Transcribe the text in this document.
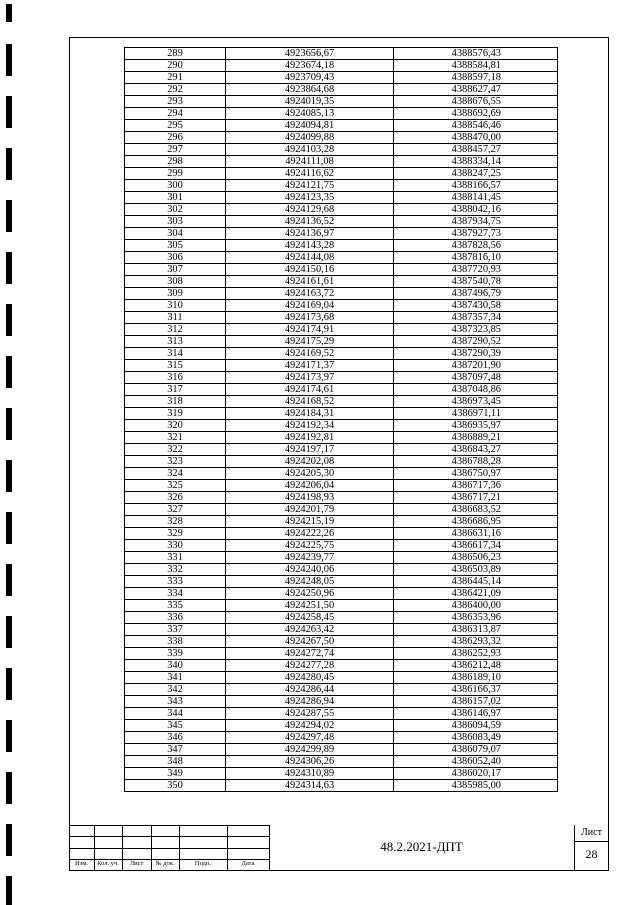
289	4923656,67	4388576,43
290	4923674,18	4388584,81
291	4923709,43	4388597,18
292	4923864,68	4388627,47
293	4924019,35	4388676,55
294	4924085,13	4388692,69
295	4924094,81	4388546,46
296	4924099,88	4388470,00
297	4924103,28	4388457,27
298	4924111,08	4388334,14
299	4924116,62	4388247,25
300	4924121,75	4388166,57
301	4924123,35	4388141,45
302	4924129,68	4388042,16
303	4924136,52	4387934,75
304	4924136,97	4387927,73
305	4924143,28	4387828,56
306	4924144,08	4387816,10
307	4924150,16	4387720,93
308	4924161,61	4387540,78
309	4924163,72	4387496,79
310	4924169,04	4387430,58
311	4924173,68	4387357,34
312	4924174,91	4387323,85
313	4924175,29	4387290,52
314	4924169,52	4387290,39
315	4924171,37	4387201,90
316	4924173,97	4387097,48
317	4924174,61	4387048,86
318	4924168,52	4386973,45
319	4924184,31	4386971,11
320	4924192,34	4386935,97
321	4924192,81	4386889,21
322	4924197,17	4386843,27
323	4924202,08	4386788,28
324	4924205,30	4386750,97
325	4924206,04	4386717,36
326	4924198,93	4386717,21
327	4924201,79	4386683,52
328	4924215,19	4386686,95
329	4924222,26	4386631,16
330	4924225,75	4386617,34
331	4924239,77	4386506,23
332	4924240,06	4386503,89
333	4924248,05	4386445,14
334	4924250,96	4386421,09
335	4924251,50	4386400,00
336	4924258,45	4386353,96
337	4924263,42	4386313,87
338	4924267,50	4386293,32
339	4924272,74	4386252,93
340	4924277,28	4386212,48
341	4924280,45	4386189,10
342	4924286,44	4386166,37
343	4924286,94	4386157,02
344	4924287,55	4386146,97
345	4924294,02	4386094,59
346	4924297,48	4386083,49
347	4924299,89	4386079,07
348	4924306,26	4386052,40
349	4924310,89	4386020,17
350	4924314,63	4385985,00
Изм.	Кол. уч.	Лист	№ док.	Подп.	Дата
48.2.2021-ДПТ
Лист
28
